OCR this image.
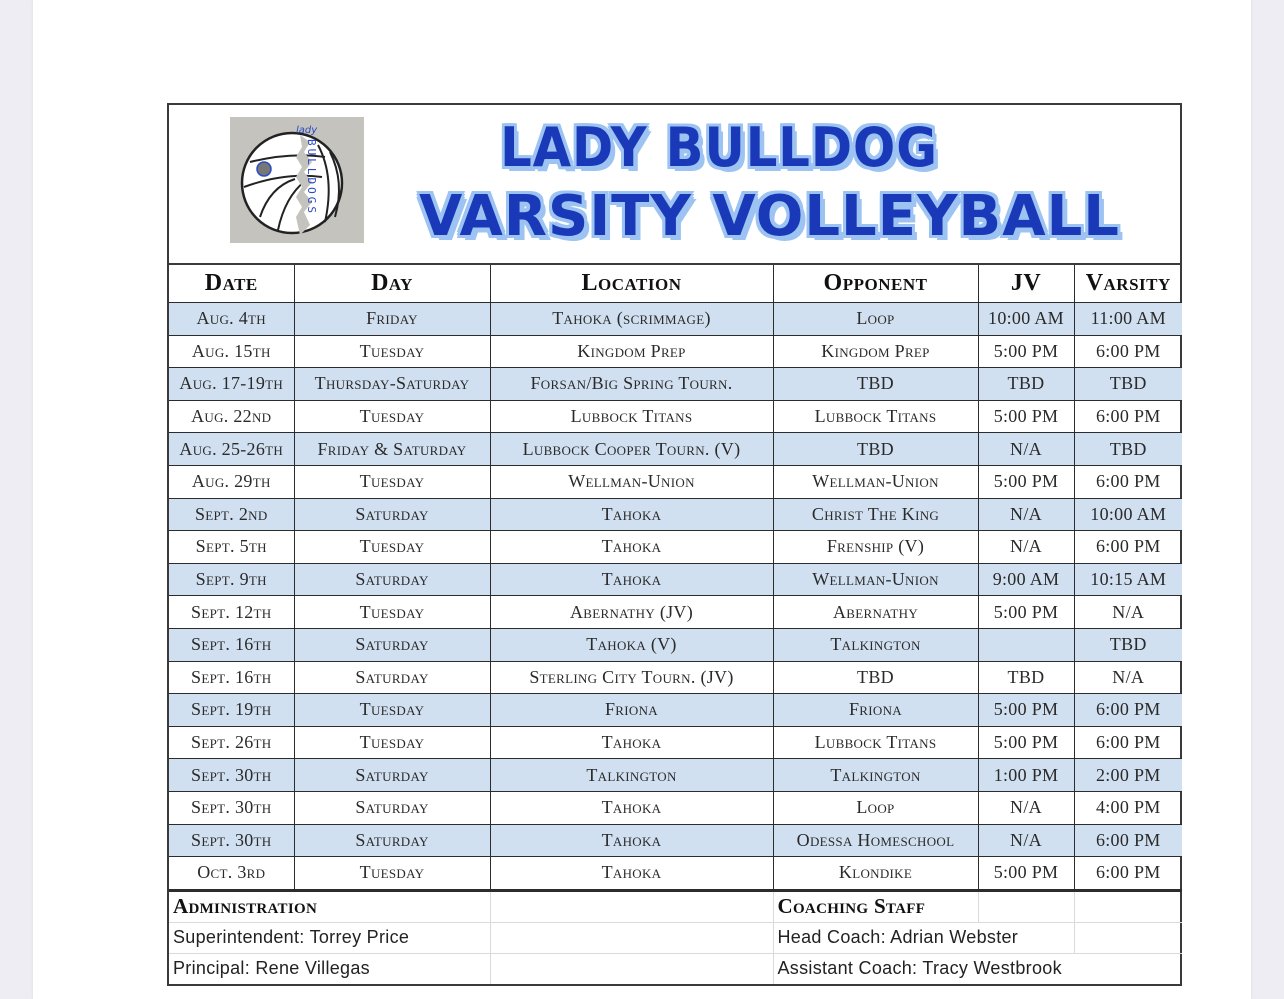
lady
BULLDOGS	LADY BULLDOG
VARSITY VOLLEYBALL
Date	Day	Location	Opponent	JV	Varsity
Aug. 4th	Friday	Tahoka (scrimmage)	Loop	10:00 AM	11:00 AM
Aug. 15th	Tuesday	Kingdom Prep	Kingdom Prep	5:00 PM	6:00 PM
Aug. 17-19th	Thursday-Saturday	Forsan/Big Spring Tourn.	TBD	TBD	TBD
Aug. 22nd	Tuesday	Lubbock Titans	Lubbock Titans	5:00 PM	6:00 PM
Aug. 25-26th	Friday & Saturday	Lubbock Cooper Tourn. (V)	TBD	N/A	TBD
Aug. 29th	Tuesday	Wellman-Union	Wellman-Union	5:00 PM	6:00 PM
Sept. 2nd	Saturday	Tahoka	Christ The King	N/A	10:00 AM
Sept. 5th	Tuesday	Tahoka	Frenship (V)	N/A	6:00 PM
Sept. 9th	Saturday	Tahoka	Wellman-Union	9:00 AM	10:15 AM
Sept. 12th	Tuesday	Abernathy (JV)	Abernathy	5:00 PM	N/A
Sept. 16th	Saturday	Tahoka (V)	Talkington		TBD
Sept. 16th	Saturday	Sterling City Tourn. (JV)	TBD	TBD	N/A
Sept. 19th	Tuesday	Friona	Friona	5:00 PM	6:00 PM
Sept. 26th	Tuesday	Tahoka	Lubbock Titans	5:00 PM	6:00 PM
Sept. 30th	Saturday	Talkington	Talkington	1:00 PM	2:00 PM
Sept. 30th	Saturday	Tahoka	Loop	N/A	4:00 PM
Sept. 30th	Saturday	Tahoka	Odessa Homeschool	N/A	6:00 PM
Oct. 3rd	Tuesday	Tahoka	Klondike	5:00 PM	6:00 PM
Administration		Coaching Staff		
Superintendent: Torrey Price		Head Coach: Adrian Webster		
Principal: Rene Villegas		Assistant Coach: Tracy Westbrook		
